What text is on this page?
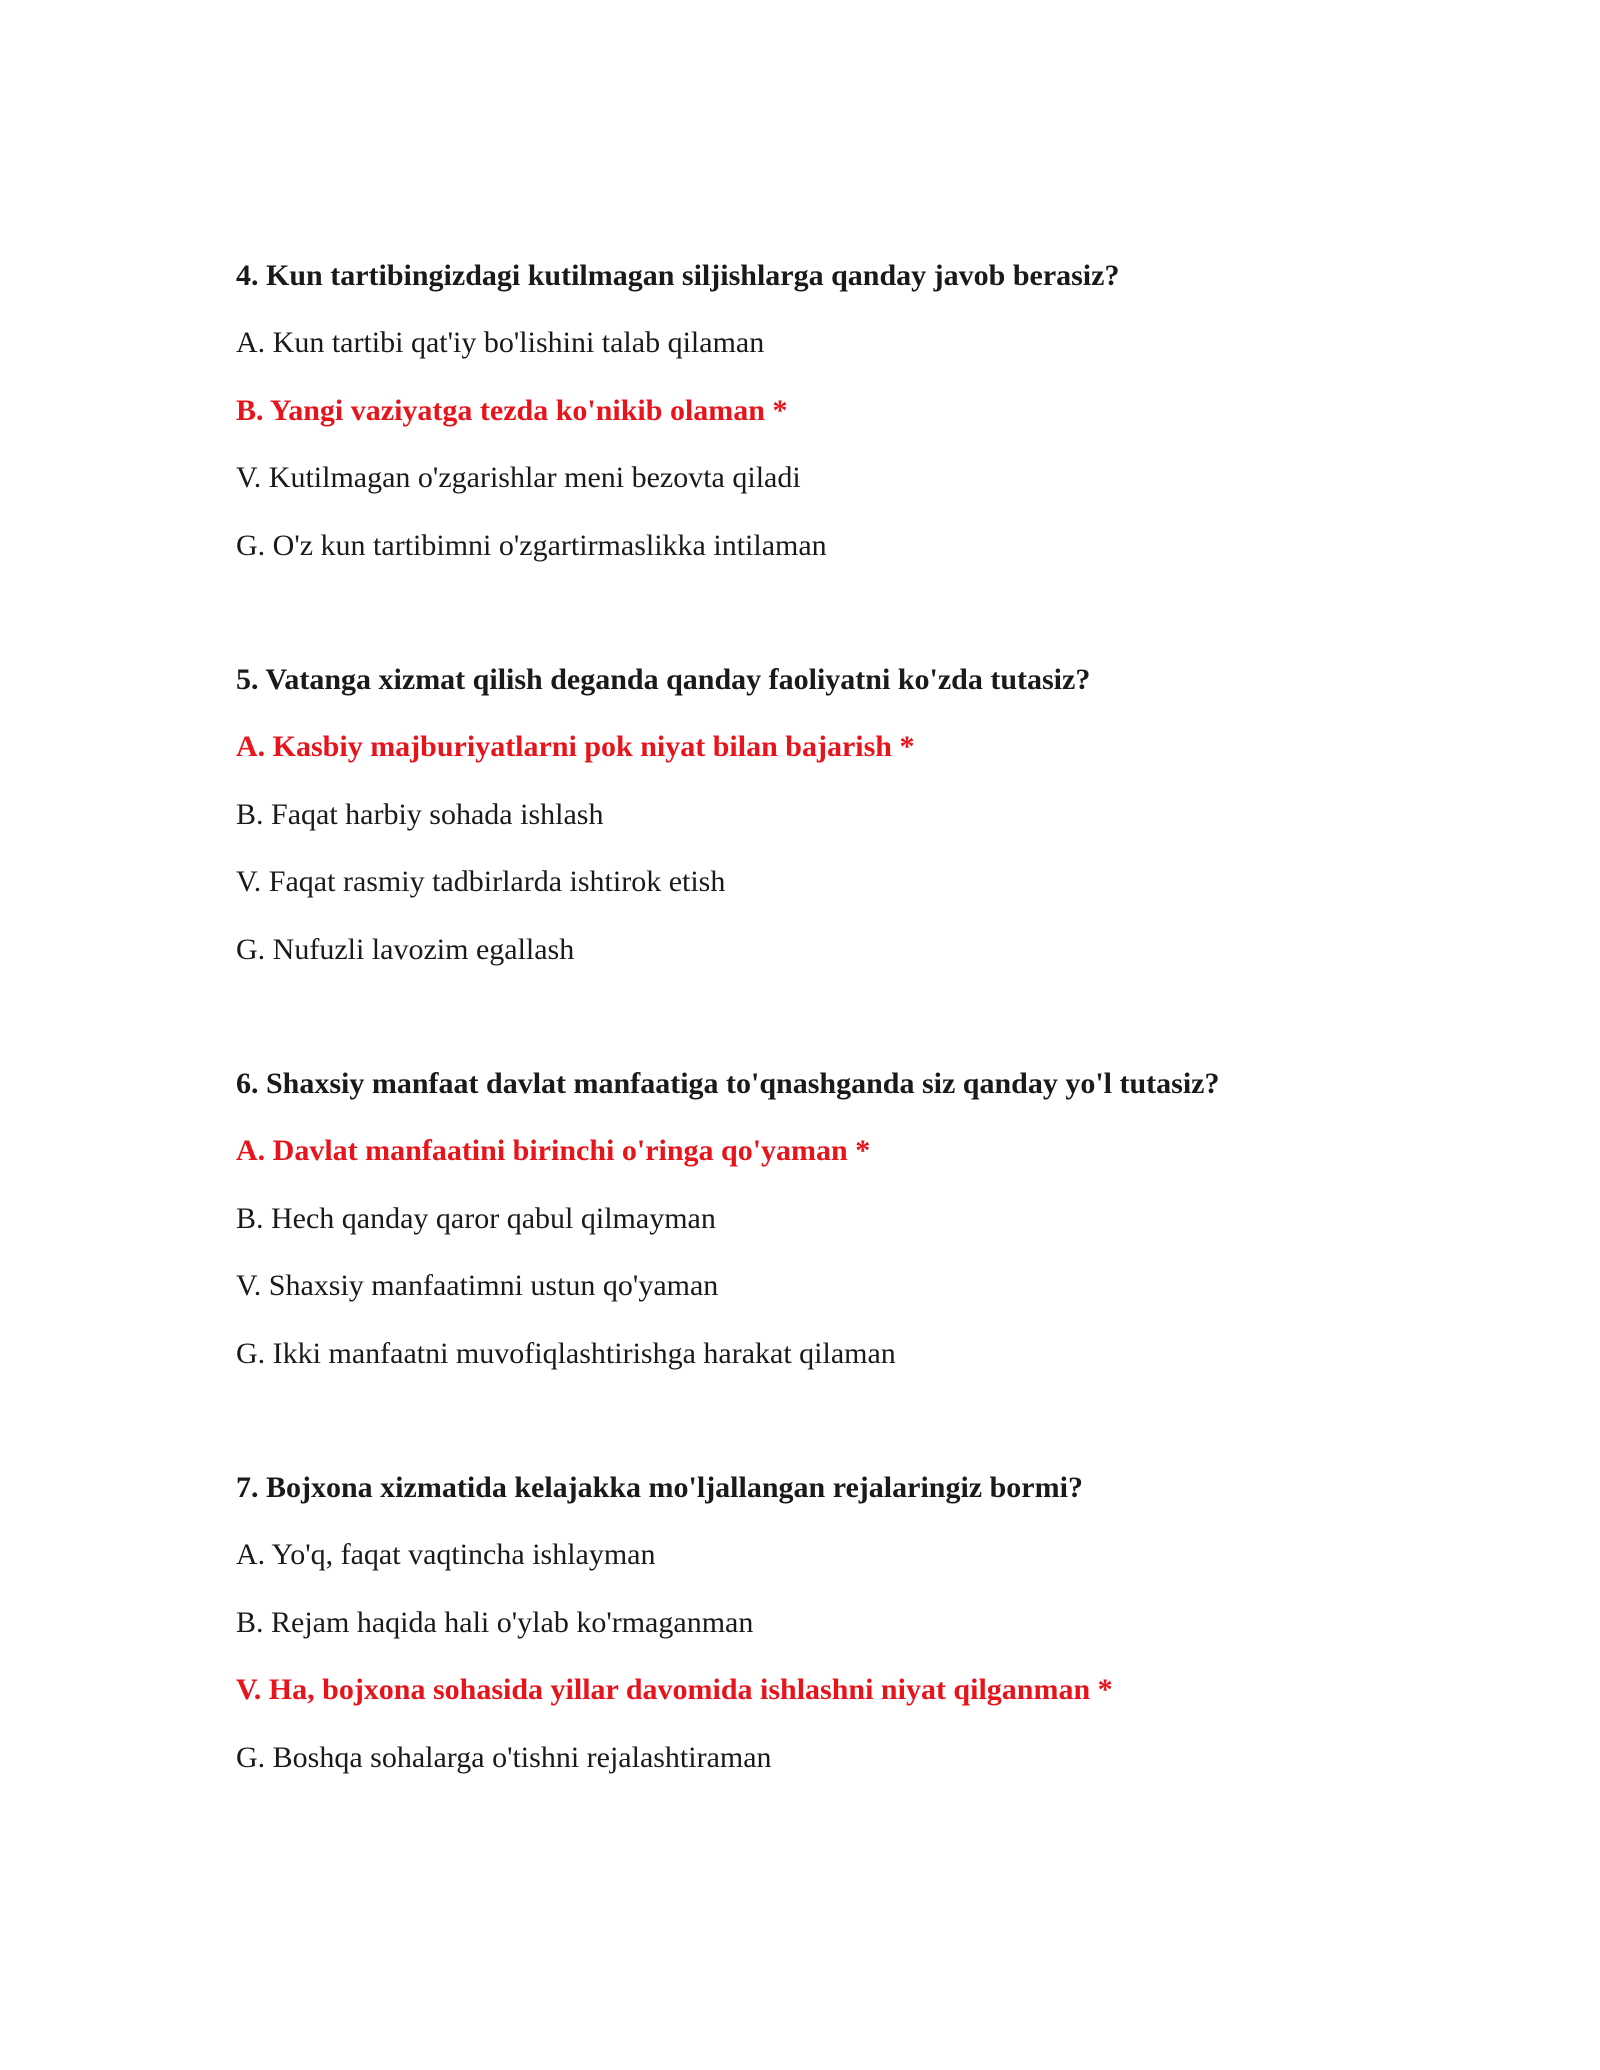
4. Kun tartibingizdagi kutilmagan siljishlarga qanday javob berasiz?

A. Kun tartibi qat'iy bo'lishini talab qilaman

B. Yangi vaziyatga tezda ko'nikib olaman *

V. Kutilmagan o'zgarishlar meni bezovta qiladi

G. O'z kun tartibimni o'zgartirmaslikka intilaman

5. Vatanga xizmat qilish deganda qanday faoliyatni ko'zda tutasiz?

A. Kasbiy majburiyatlarni pok niyat bilan bajarish *

B. Faqat harbiy sohada ishlash

V. Faqat rasmiy tadbirlarda ishtirok etish

G. Nufuzli lavozim egallash

6. Shaxsiy manfaat davlat manfaatiga to'qnashganda siz qanday yo'l tutasiz?

A. Davlat manfaatini birinchi o'ringa qo'yaman *

B. Hech qanday qaror qabul qilmayman

V. Shaxsiy manfaatimni ustun qo'yaman

G. Ikki manfaatni muvofiqlashtirishga harakat qilaman

7. Bojxona xizmatida kelajakka mo'ljallangan rejalaringiz bormi?

A. Yo'q, faqat vaqtincha ishlayman

B. Rejam haqida hali o'ylab ko'rmaganman

V. Ha, bojxona sohasida yillar davomida ishlashni niyat qilganman *

G. Boshqa sohalarga o'tishni rejalashtiraman
